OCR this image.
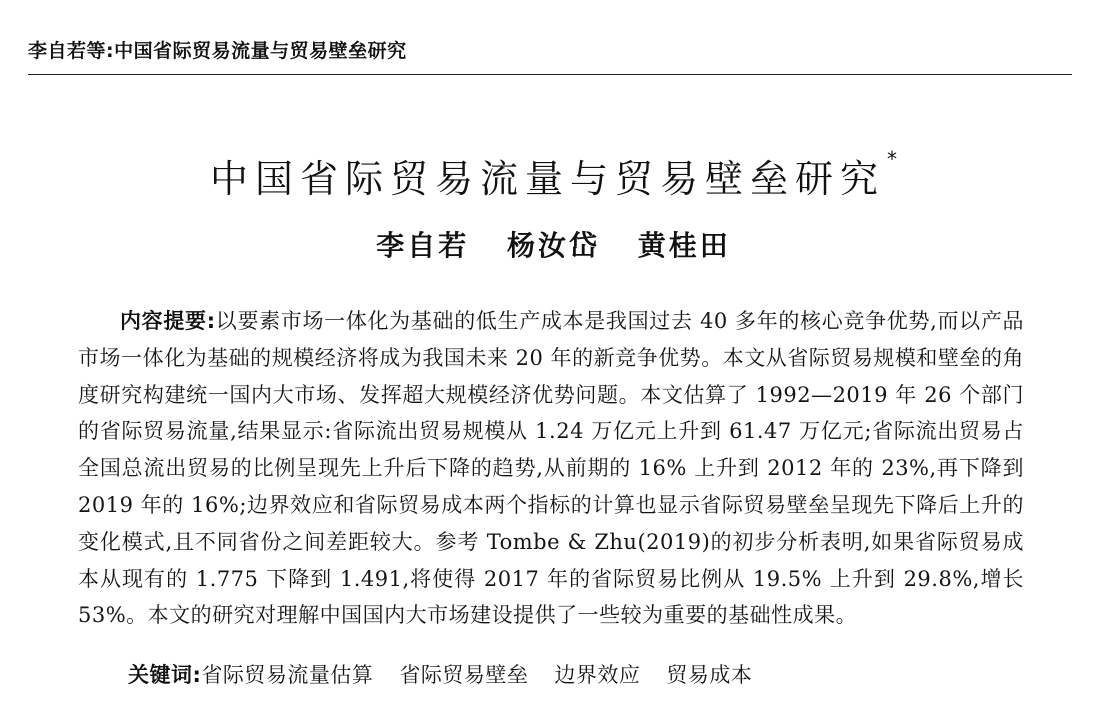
李自若等:中国省际贸易流量与贸易壁垒研究
中国省际贸易流量与贸易壁垒研究 *
李自若 杨汝岱 黄桂田

内容提要:以要素市场一体化为基础的低生产成本是我国过去 40 多年的核心竞争优势,而以产品市场一体化为基础的规模经济将成为我国未来 20 年的新竞争优势。本文从省际贸易规模和壁垒的角度研究构建统一国内大市场、发挥超大规模经济优势问题。本文估算了 1992—2019 年 26 个部门的省际贸易流量,结果显示:省际流出贸易规模从 1.24 万亿元上升到 61.47 万亿元;省际流出贸易占全国总流出贸易的比例呈现先上升后下降的趋势,从前期的 16% 上升到 2012 年的 23%,再下降到 2019 年的 16%;边界效应和省际贸易成本两个指标的计算也显示省际贸易壁垒呈现先下降后上升的变化模式,且不同省份之间差距较大。参考 Tombe & Zhu(2019)的初步分析表明,如果省际贸易成本从现有的 1.775 下降到 1.491,将使得 2017 年的省际贸易比例从 19.5% 上升到 29.8%,增长 53%。本文的研究对理解中国国内大市场建设提供了一些较为重要的基础性成果。

关键词:省际贸易流量估算 省际贸易壁垒 边界效应 贸易成本
